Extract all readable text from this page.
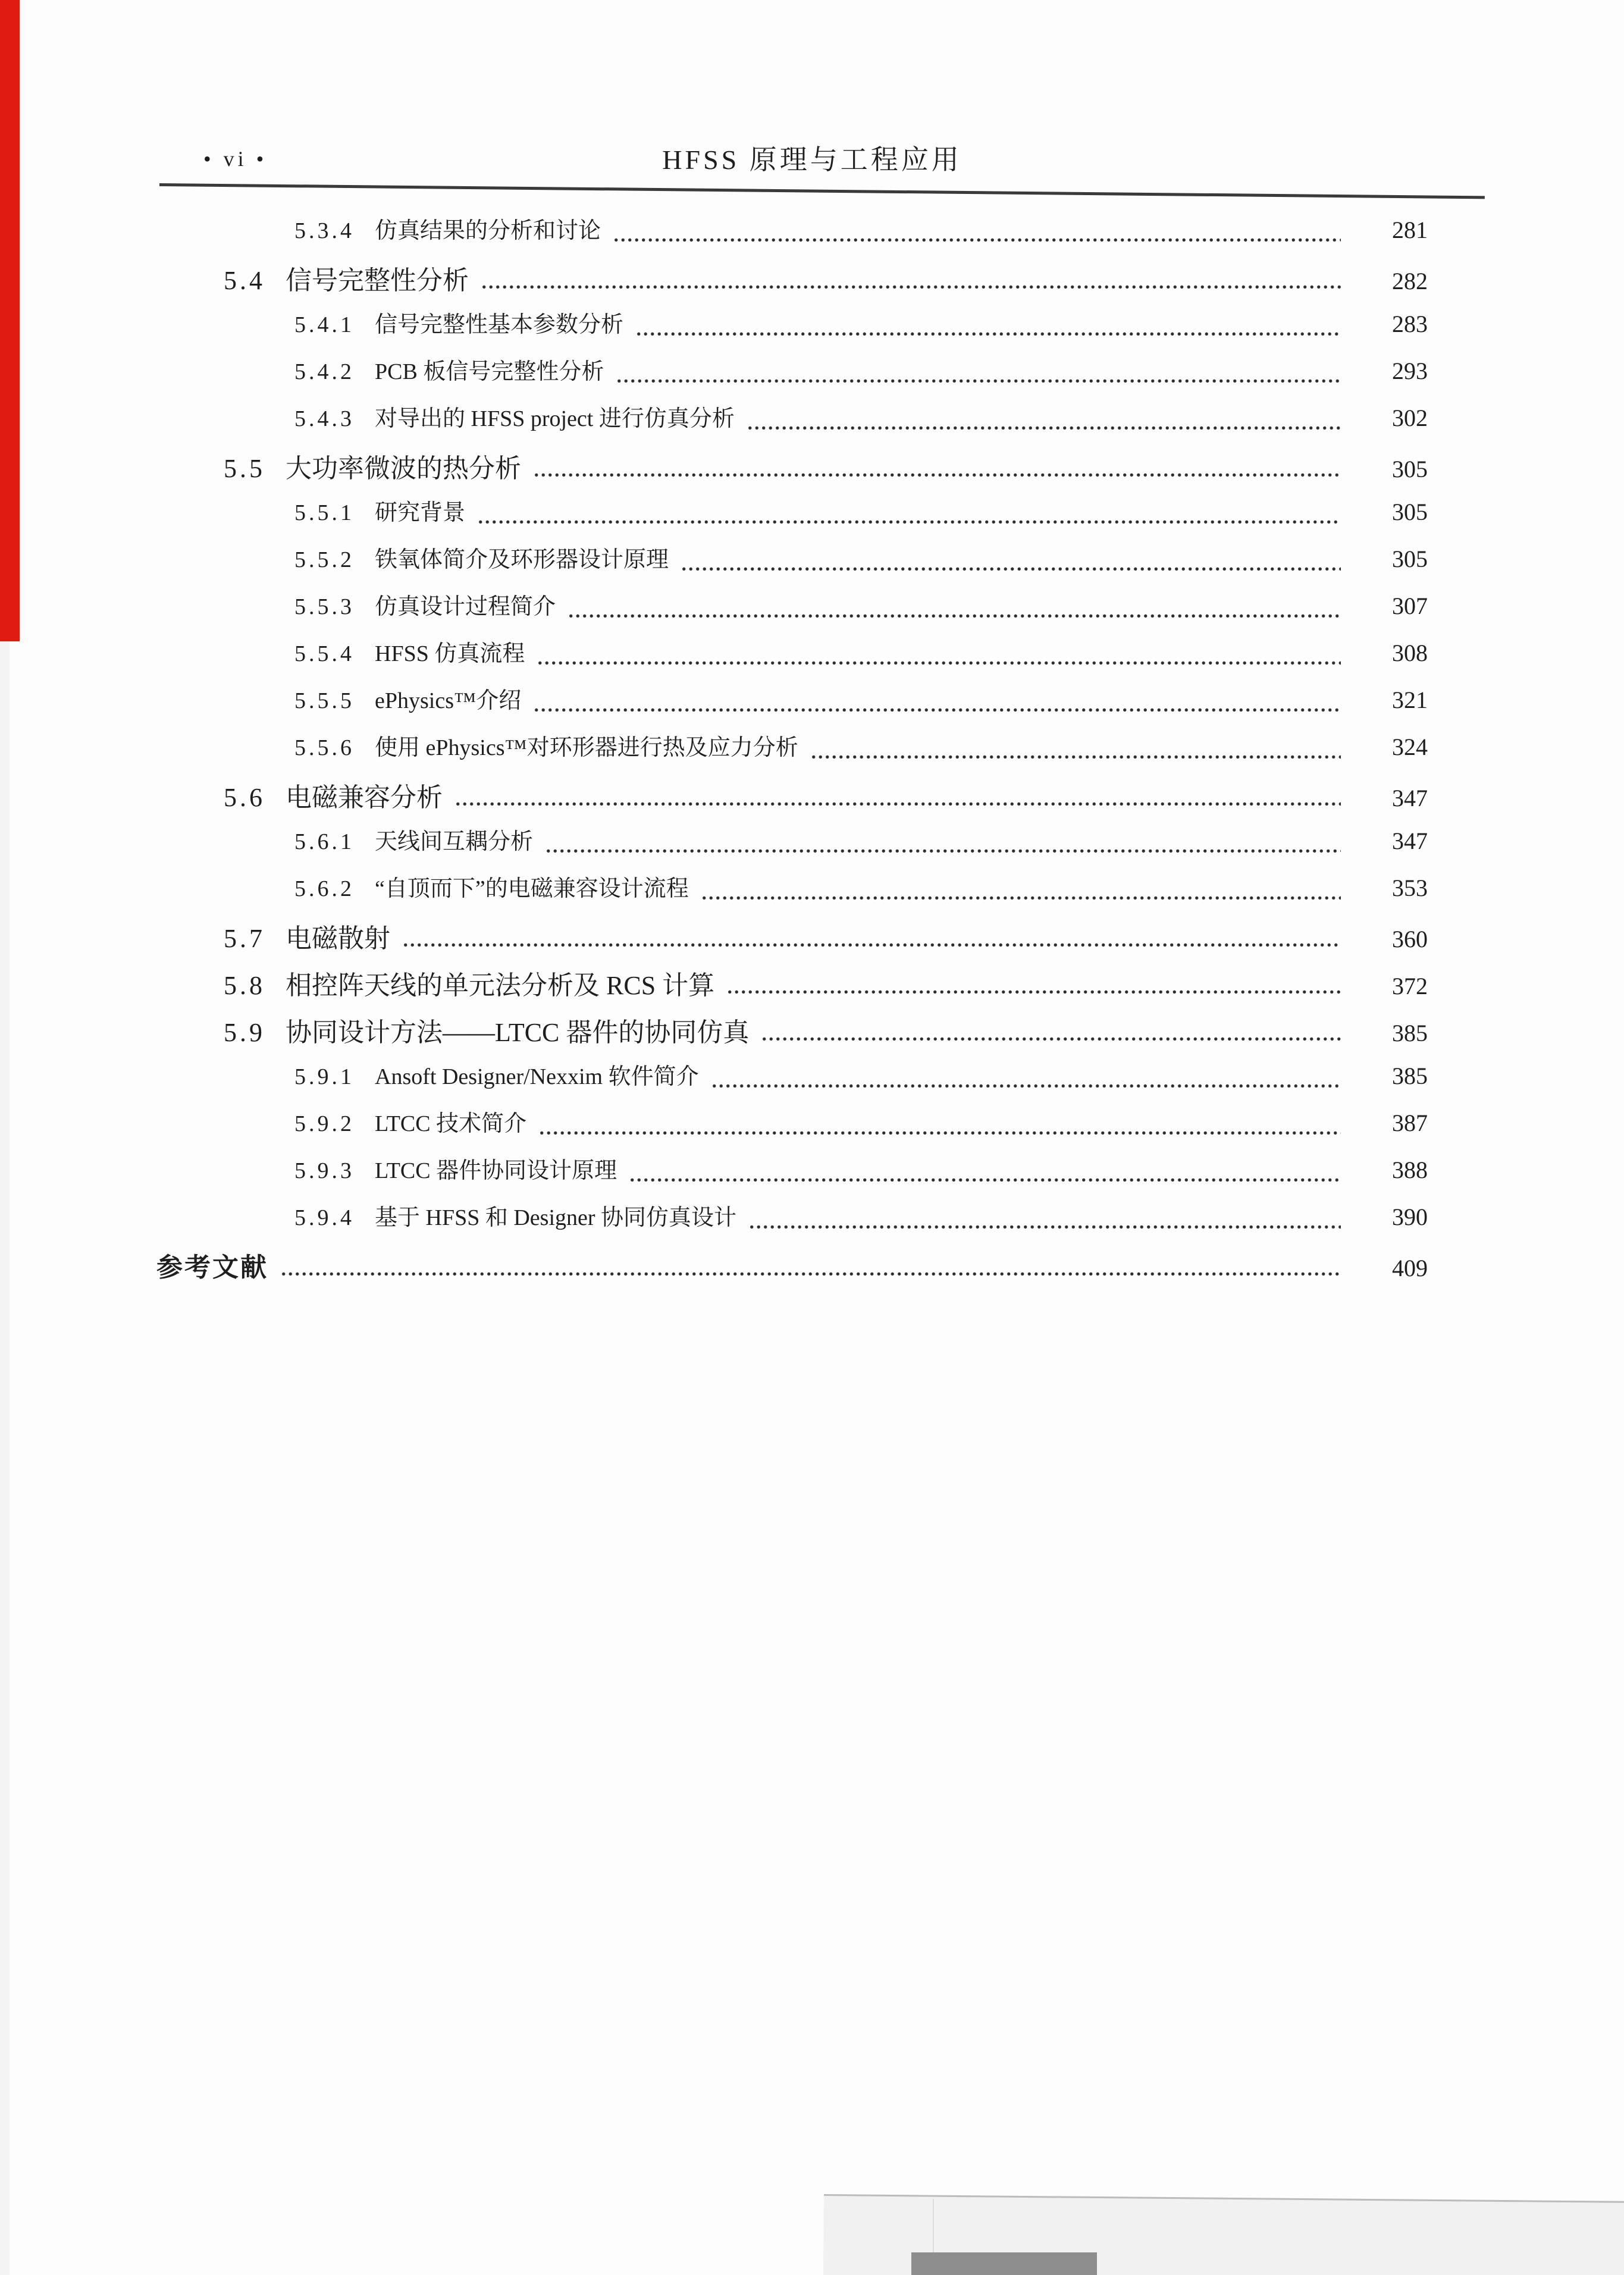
• vi •	HFSS 原理与工程应用
5.3.4 仿真结果的分析和讨论	281
5.4 信号完整性分析	282
5.4.1 信号完整性基本参数分析	283
5.4.2 PCB 板信号完整性分析	293
5.4.3 对导出的 HFSS project 进行仿真分析	302
5.5 大功率微波的热分析	305
5.5.1 研究背景	305
5.5.2 铁氧体简介及环形器设计原理	305
5.5.3 仿真设计过程简介	307
5.5.4 HFSS 仿真流程	308
5.5.5 ePhysics™介绍	321
5.5.6 使用 ePhysics™对环形器进行热及应力分析	324
5.6 电磁兼容分析	347
5.6.1 天线间互耦分析	347
5.6.2 “自顶而下”的电磁兼容设计流程	353
5.7 电磁散射	360
5.8 相控阵天线的单元法分析及 RCS 计算	372
5.9 协同设计方法——LTCC 器件的协同仿真	385
5.9.1 Ansoft Designer/Nexxim 软件简介	385
5.9.2 LTCC 技术简介	387
5.9.3 LTCC 器件协同设计原理	388
5.9.4 基于 HFSS 和 Designer 协同仿真设计	390
参考文献	409
